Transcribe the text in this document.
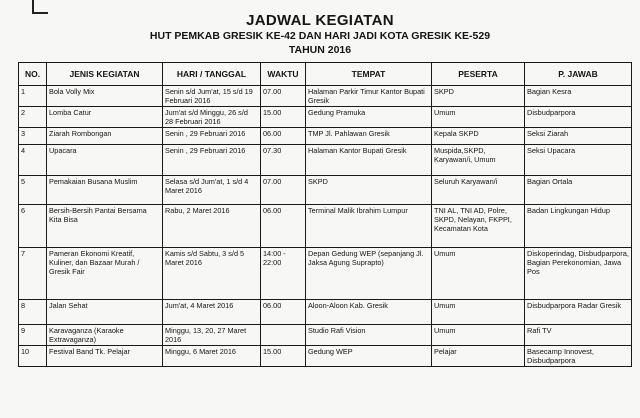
JADWAL KEGIATAN
HUT PEMKAB GRESIK KE-42 DAN HARI JADI KOTA GRESIK KE-529
TAHUN 2016
NO.	JENIS KEGIATAN	HARI / TANGGAL	WAKTU	TEMPAT	PESERTA	P. JAWAB
1	Bola Volly Mix	Senin s/d Jum'at, 15 s/d 19 Februari 2016	07.00	Halaman Parkir Timur Kantor Bupati Gresik	SKPD	Bagian Kesra
2	Lomba Catur	Jum'at s/d Minggu, 26 s/d 28 Februari 2016	15.00	Gedung Pramuka	Umum	Disbudparpora
3	Ziarah Rombongan	Senin , 29 Februari 2016	06.00	TMP Jl. Pahlawan Gresik	Kepala SKPD	Seksi Ziarah
4	Upacara	Senin , 29 Februari 2016	07.30	Halaman Kantor Bupati Gresik	Muspida,SKPD, Karyawan/i, Umum	Seksi Upacara
5	Pemakaian Busana Muslim	Selasa s/d Jum'at, 1 s/d 4 Maret 2016	07.00	SKPD	Seluruh Karyawan/i	Bagian Ortala
6	Bersih-Bersih Pantai Bersama Kita Bisa	Rabu, 2 Maret 2016	06.00	Terminal Malik Ibrahim Lumpur	TNI AL, TNI AD, Polre, SKPD, Nelayan, FKPPI, Kecamatan Kota	Badan Lingkungan Hidup
7	Pameran Ekonomi Kreatif, Kuliner, dan Bazaar Murah / Gresik Fair	Kamis s/d Sabtu, 3 s/d 5 Maret 2016	14:00 - 22:00	Depan Gedung WEP (sepanjang Jl. Jaksa Agung Suprapto)	Umum	Diskoperindag, Disbudparpora, Bagian Perekonomian, Jawa Pos
8	Jalan Sehat	Jum'at, 4 Maret 2016	06.00	Aloon-Aloon Kab. Gresik	Umum	Disbudparpora Radar Gresik
9	Karavaganza (Karaoke Extravaganza)	Minggu, 13, 20, 27 Maret 2016		Studio Rafi Vision	Umum	Rafi TV
10	Festival Band Tk. Pelajar	Minggu, 6 Maret 2016	15.00	Gedung WEP	Pelajar	Basecamp Innovest, Disbudparpora
